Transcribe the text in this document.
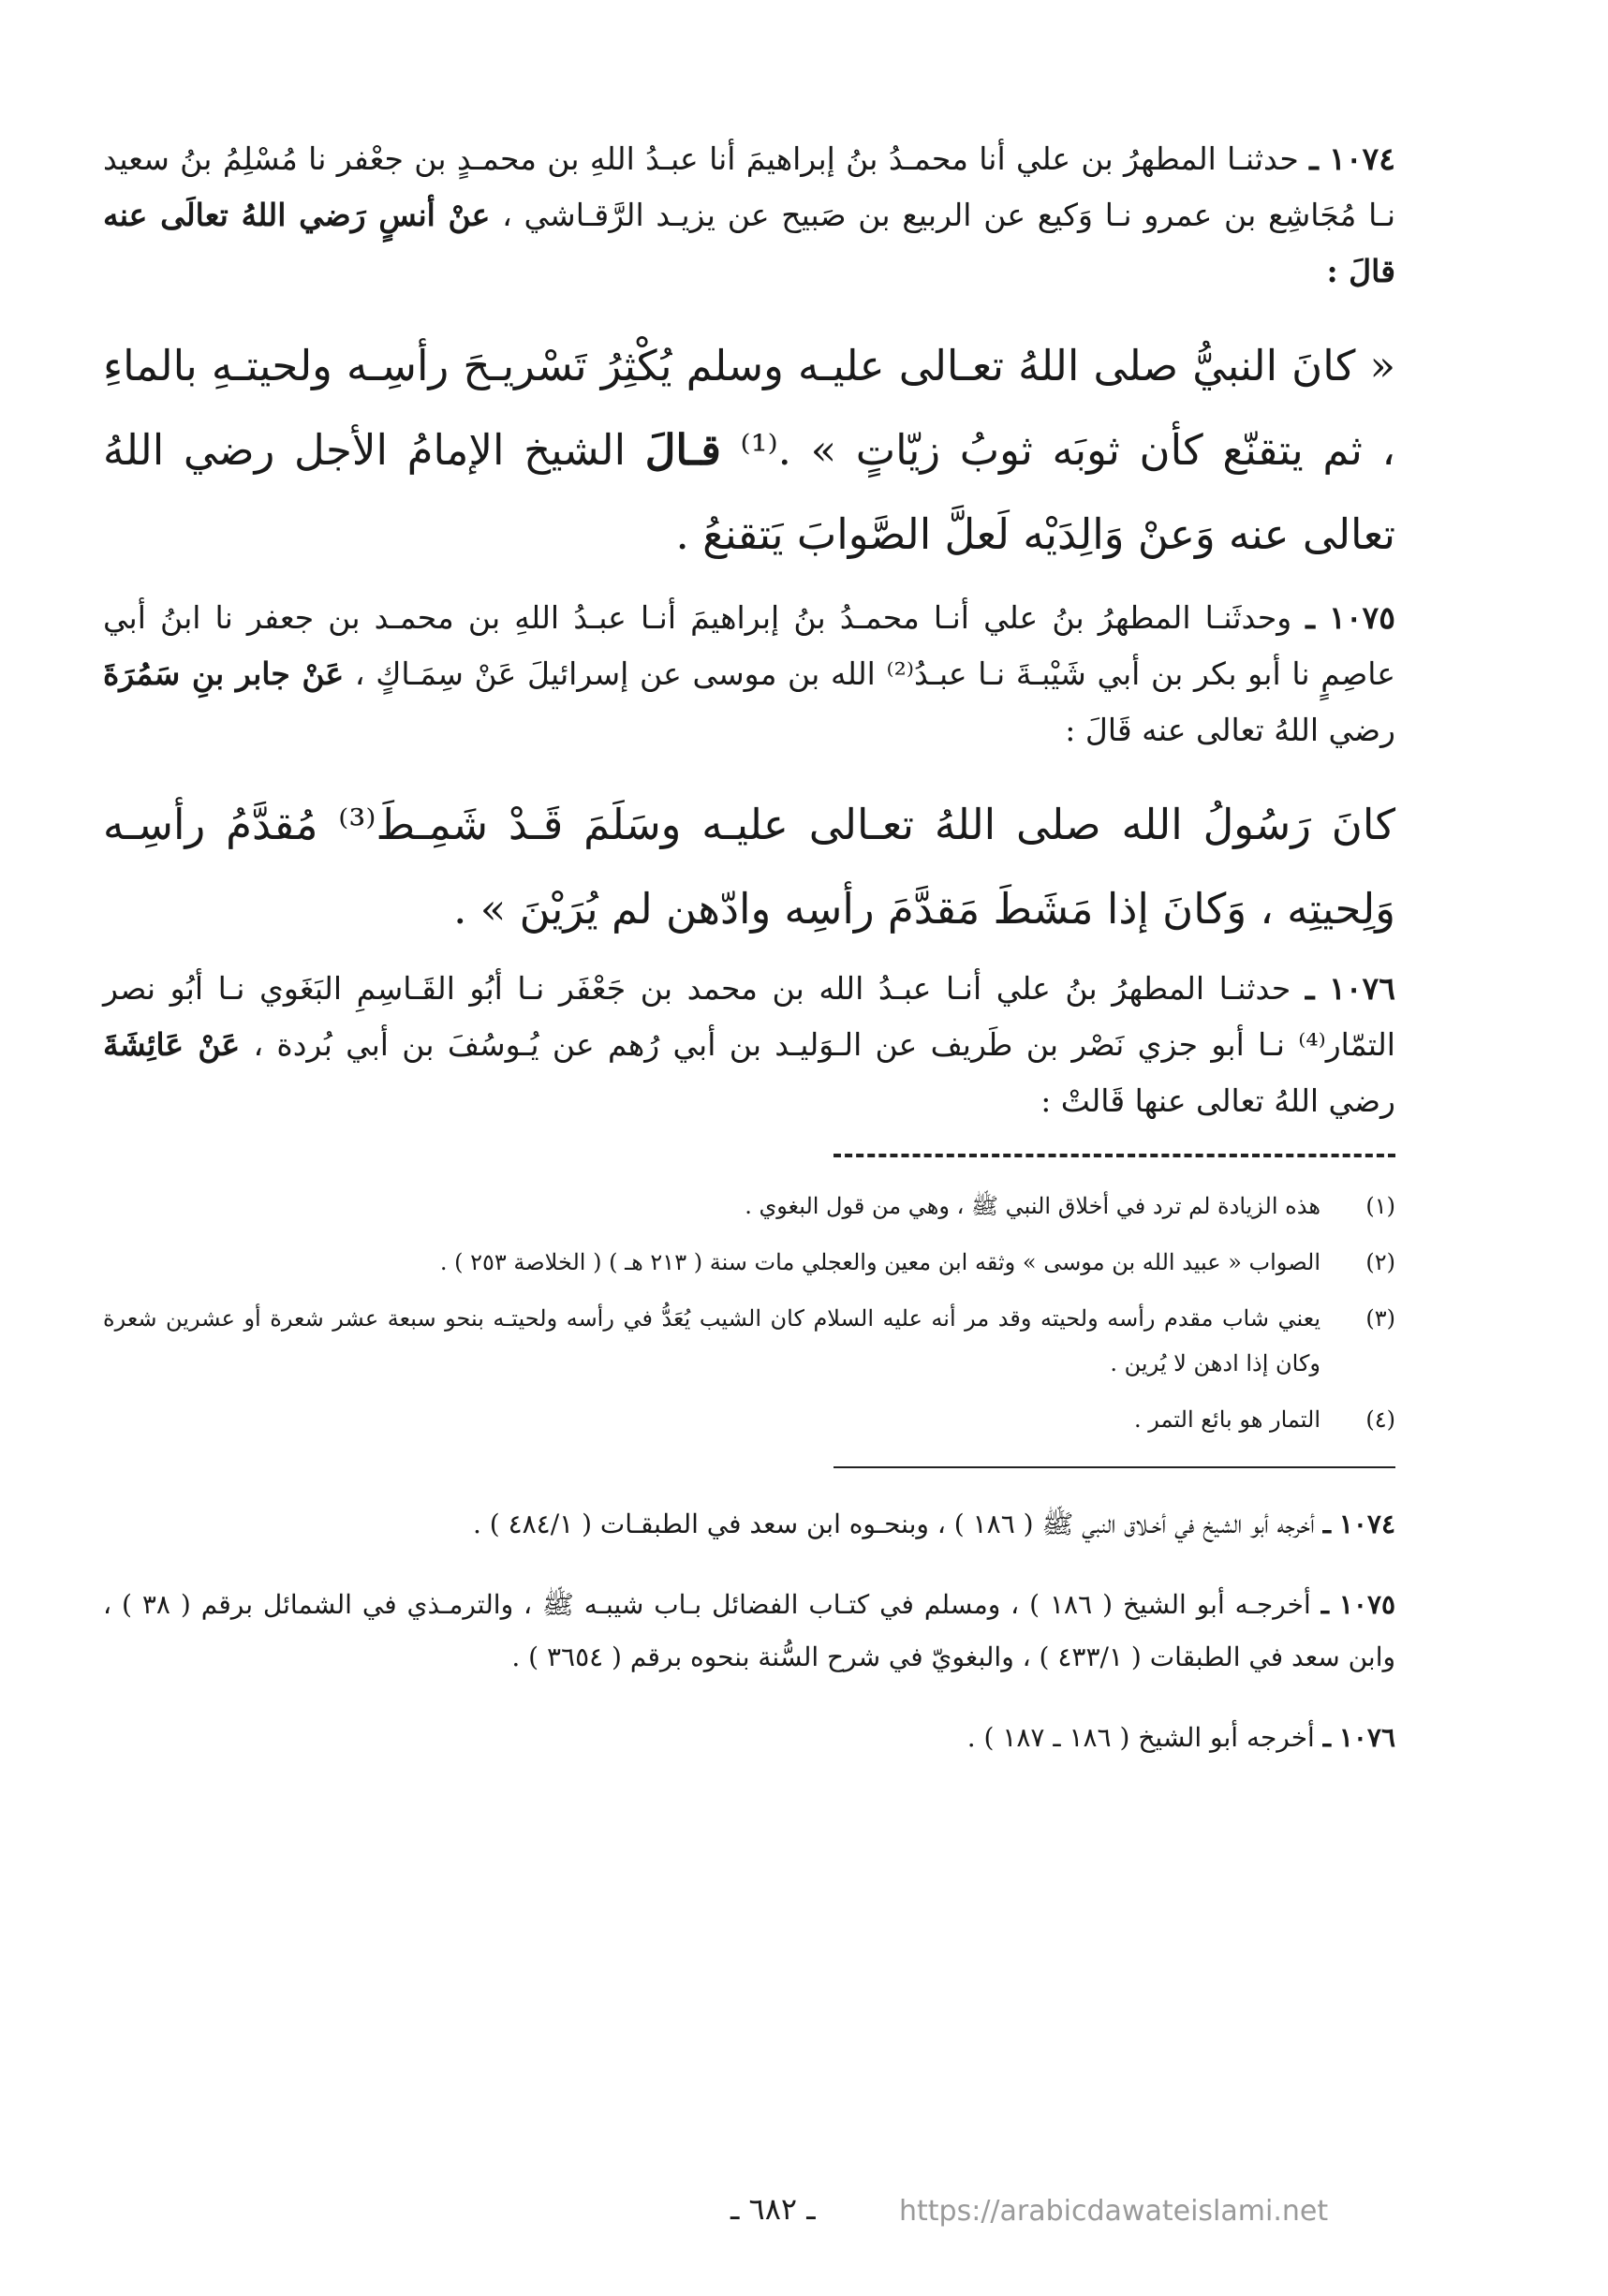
١٠٧٤ ـ حدثنـا المطهرُ بن علي أنا محمـدُ بنُ إبراهيمَ أنا عبـدُ اللهِ بن محمـدٍ بن جعْفر نا مُسْلِمُ بنُ سعيد نـا مُجَاشِع بن عمرو نـا وَكيع عن الربيع بن صَبيح عن يزيـد الرَّقـاشي ، عنْ أنسٍ رَضي اللهُ تعالَى عنه قالَ :
« كانَ النبيُّ صلى اللهُ تعـالى عليـه وسلم يُكْثِرُ تَسْريـحَ رأسِـه ولحيتـهِ بالماءِ ، ثم يتقنّع كأن ثوبَه ثوبُ زيّاتٍ » .⁽¹⁾ قـالَ الشيخ الإمامُ الأجل رضي اللهُ تعالى عنه وَعنْ وَالِدَيْه لَعلَّ الصَّوابَ يَتقنعُ .
١٠٧٥ ـ وحدثَنـا المطهرُ بنُ علي أنـا محمـدُ بنُ إبراهيمَ أنـا عبـدُ اللهِ بن محمـد بن جعفر نا ابنُ أبي عاصِمٍ نا أبو بكر بن أبي شَيْبـةَ نـا عبـدُ⁽²⁾ الله بن موسى عن إسرائيلَ عَنْ سِمَـاكٍ ، عَنْ جابر بنِ سَمُرَةَ رضي اللهُ تعالى عنه قَالَ :
كانَ رَسُولُ الله صلى اللهُ تعـالى عليـه وسَلَمَ قَـدْ شَمِـطَ⁽³⁾ مُقدَّمُ رأسِـه وَلِحيتِه ، وَكانَ إذا مَشَطَ مَقدَّمَ رأسِه وادّهن لم يُرَيْنَ » .
١٠٧٦ ـ حدثنـا المطهرُ بنُ علي أنـا عبـدُ الله بن محمد بن جَعْفَر نـا أبُو القَـاسِمِ البَغَوي نـا أبُو نصر التمّار⁽⁴⁾ نـا أبو جزي نَصْر بن طَريف عن الـوَليـد بن أبي رُهم عن يُـوسُفَ بن أبي بُردة ، عَنْ عَائِشَةَ رضي اللهُ تعالى عنها قَالتْ :
(١)
هذه الزيادة لم ترد في أخلاق النبي ﷺ ، وهي من قول البغوي .
(٢)
الصواب « عبيد الله بن موسى » وثقه ابن معين والعجلي مات سنة ( ٢١٣ هـ ) ( الخلاصة ٢٥٣ ) .
(٣)
يعني شاب مقدم رأسه ولحيته وقد مر أنه عليه السلام كان الشيب يُعَدُّ في رأسه ولحيتـه بنحو سبعة عشر شعرة أو عشرين شعرة وكان إذا ادهن لا يُرين .
(٤)
التمار هو بائع التمر .
١٠٧٤ ـ أخرجه أبو الشيخ في أخـلاق النبي ﷺ ( ١٨٦ ) ، وبنحـوه ابن سعد في الطبقـات ( ٤٨٤/١ ) .
١٠٧٥ ـ أخرجـه أبو الشيخ ( ١٨٦ ) ، ومسلم في كتـاب الفضائل بـاب شيبـه ﷺ ، والترمـذي في الشمائل برقم ( ٣٨ ) ، وابن سعد في الطبقات ( ٤٣٣/١ ) ، والبغويّ في شرح السُّنة بنحوه برقم ( ٣٦٥٤ ) .
١٠٧٦ ـ أخرجه أبو الشيخ ( ١٨٦ ـ ١٨٧ ) .
ـ ٦٨٢ ـ	https://arabicdawateislami.net
